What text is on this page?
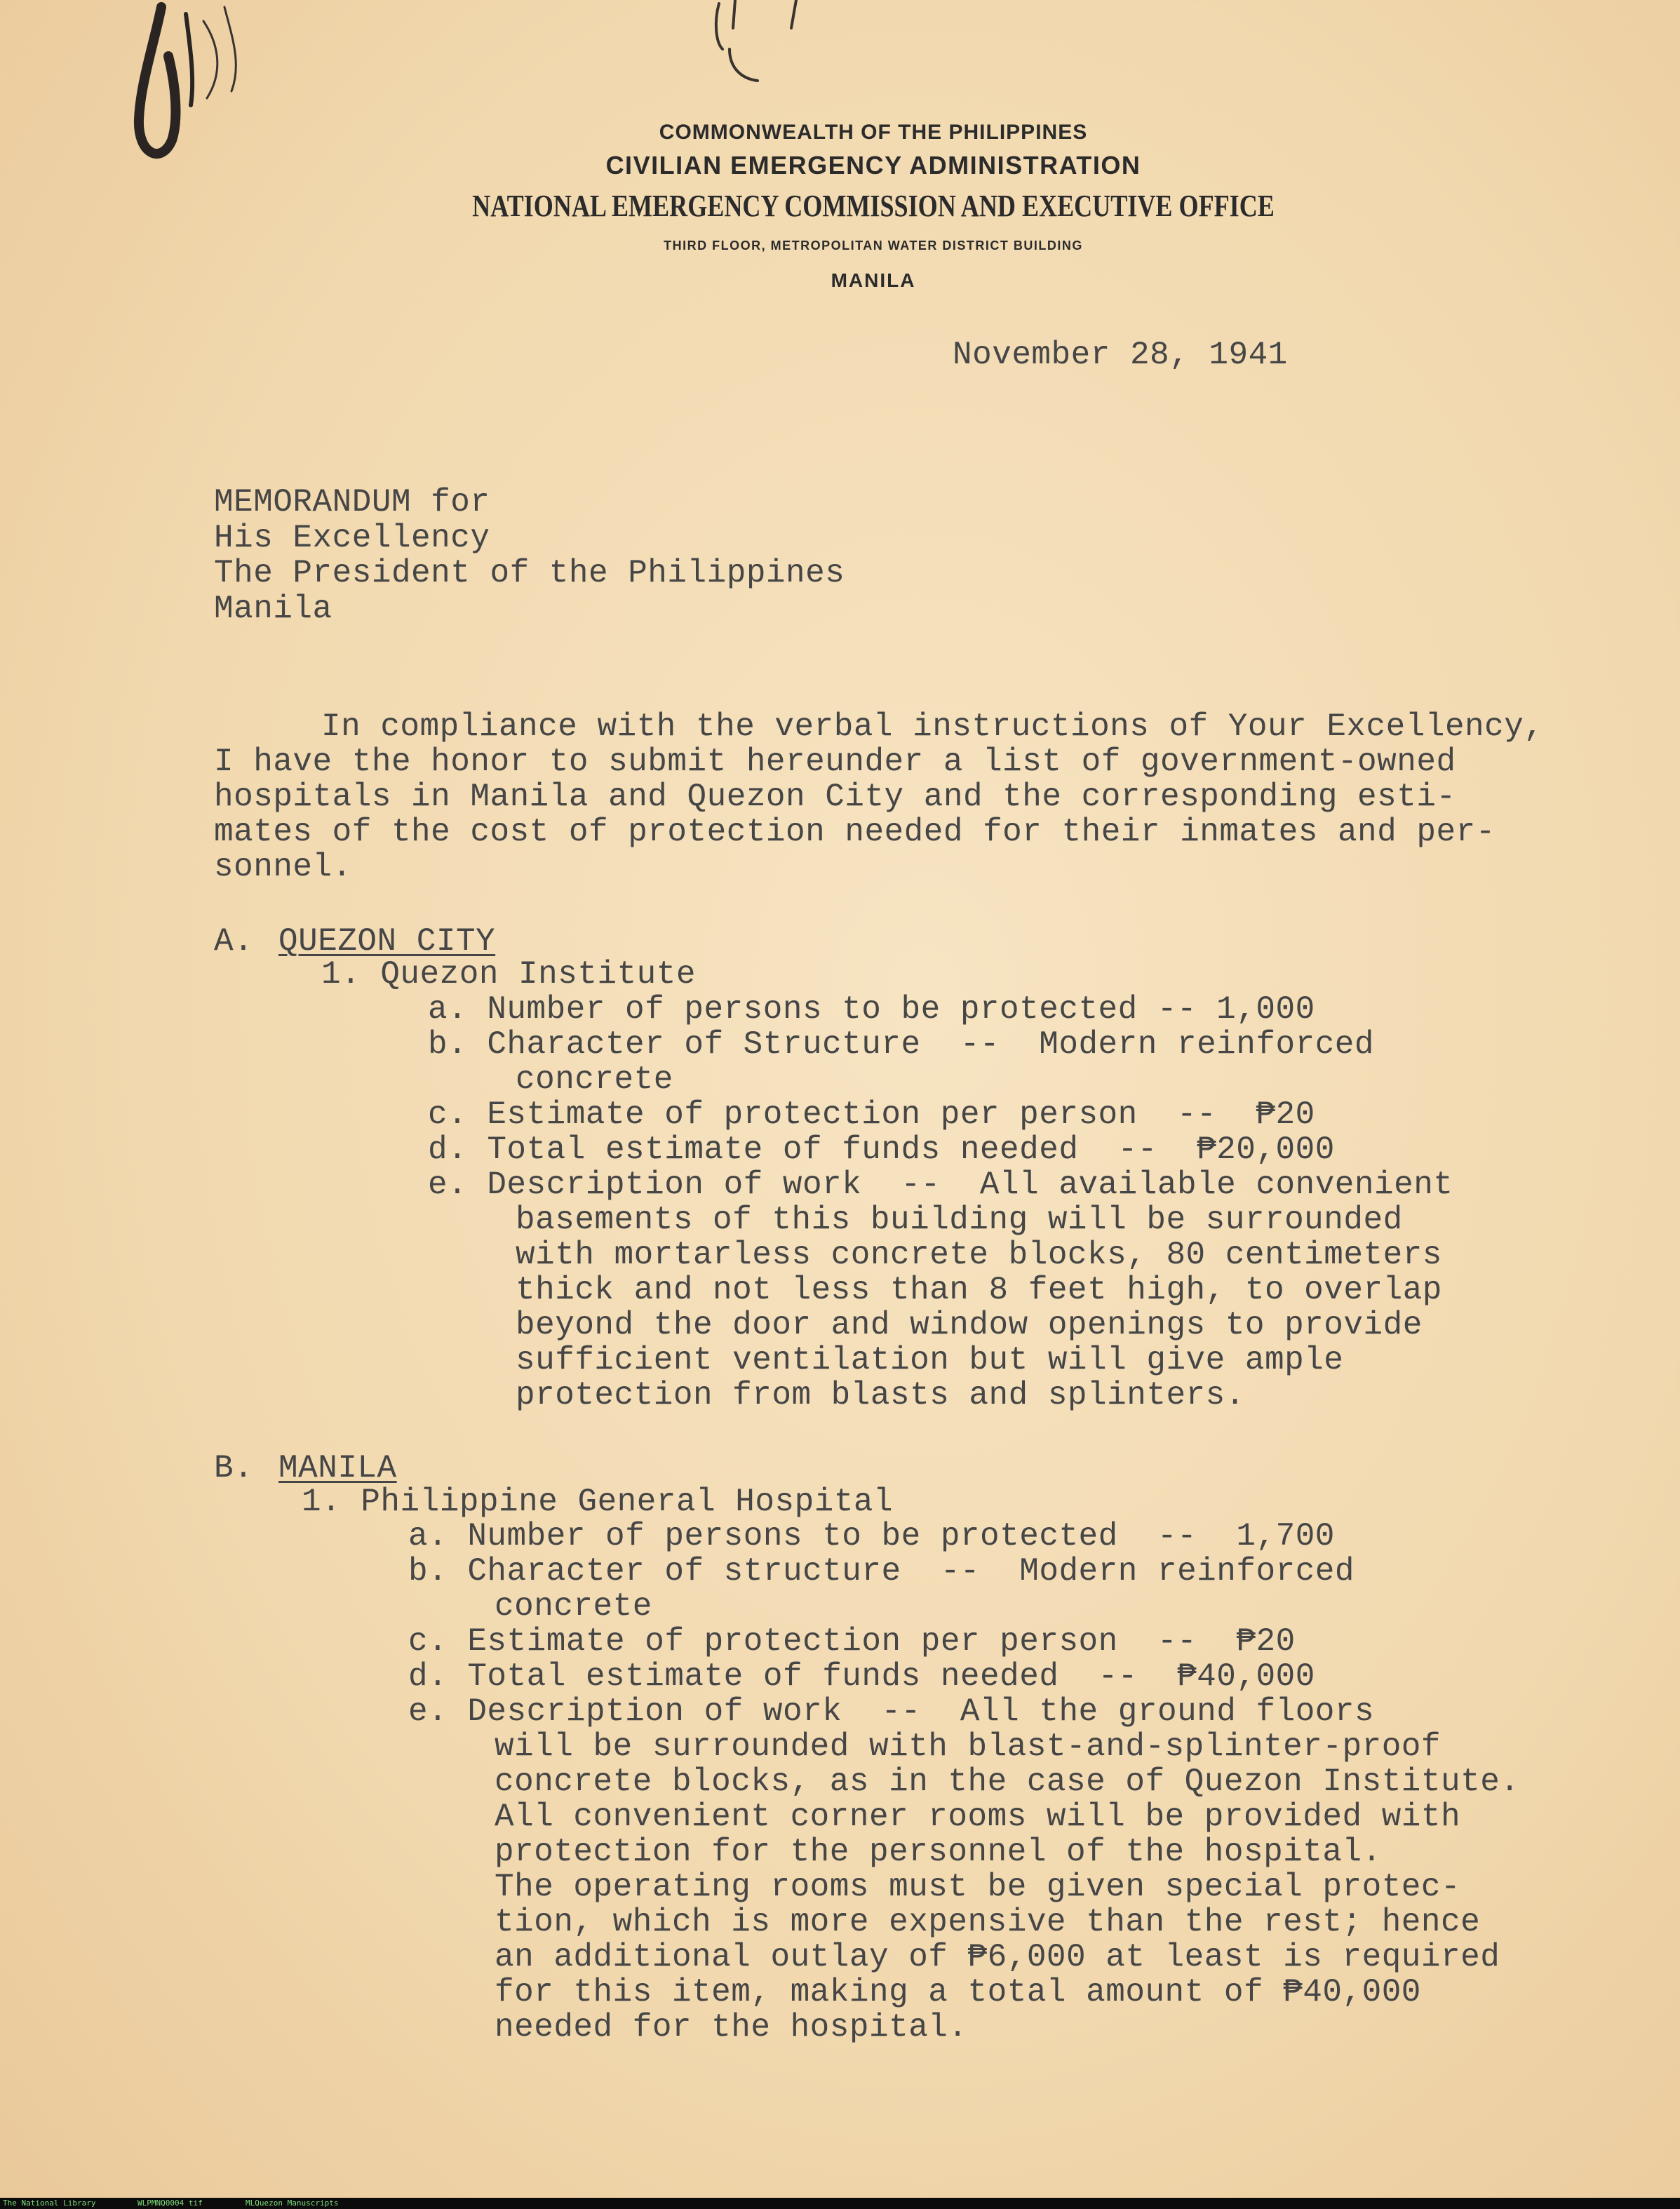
COMMONWEALTH OF THE PHILIPPINES
CIVILIAN EMERGENCY ADMINISTRATION
NATIONAL EMERGENCY COMMISSION AND EXECUTIVE OFFICE
THIRD FLOOR, METROPOLITAN WATER DISTRICT BUILDING
MANILA
November 28, 1941
MEMORANDUM for
His Excellency
The President of the Philippines
Manila
In compliance with the verbal instructions of Your Excellency,
I have the honor to submit hereunder a list of government-owned
hospitals in Manila and Quezon City and the corresponding esti-
mates of the cost of protection needed for their inmates and per-
sonnel.
A. QUEZON CITY
1. Quezon Institute
a. Number of persons to be protected -- 1,000
b. Character of Structure  --  Modern reinforced
concrete
c. Estimate of protection per person  --  ₱20
d. Total estimate of funds needed  --  ₱20,000
e. Description of work  --  All available convenient
basements of this building will be surrounded
with mortarless concrete blocks, 80 centimeters
thick and not less than 8 feet high, to overlap
beyond the door and window openings to provide
sufficient ventilation but will give ample
protection from blasts and splinters.
B. MANILA
1. Philippine General Hospital
a. Number of persons to be protected  --  1,700
b. Character of structure  --  Modern reinforced
concrete
c. Estimate of protection per person  --  ₱20
d. Total estimate of funds needed  --  ₱40,000
e. Description of work  --  All the ground floors
will be surrounded with blast-and-splinter-proof
concrete blocks, as in the case of Quezon Institute.
All convenient corner rooms will be provided with
protection for the personnel of the hospital.
The operating rooms must be given special protec-
tion, which is more expensive than the rest; hence
an additional outlay of ₱6,000 at least is required
for this item, making a total amount of ₱40,000
needed for the hospital.
The National Library	WLPMNQ0004 tif	MLQuezon Manuscripts
